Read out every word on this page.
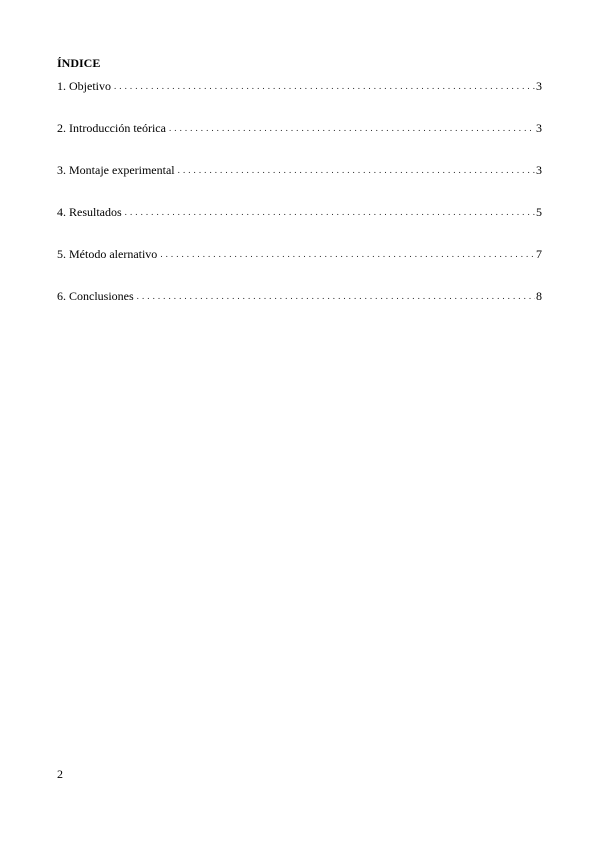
ÍNDICE
1. Objetivo . . .	3
2. Introducción teórica . . .	3
3. Montaje experimental . . .	3
4. Resultados . . .	5
5. Método alernativo . . .	7
6. Conclusiones . . .	8
2
